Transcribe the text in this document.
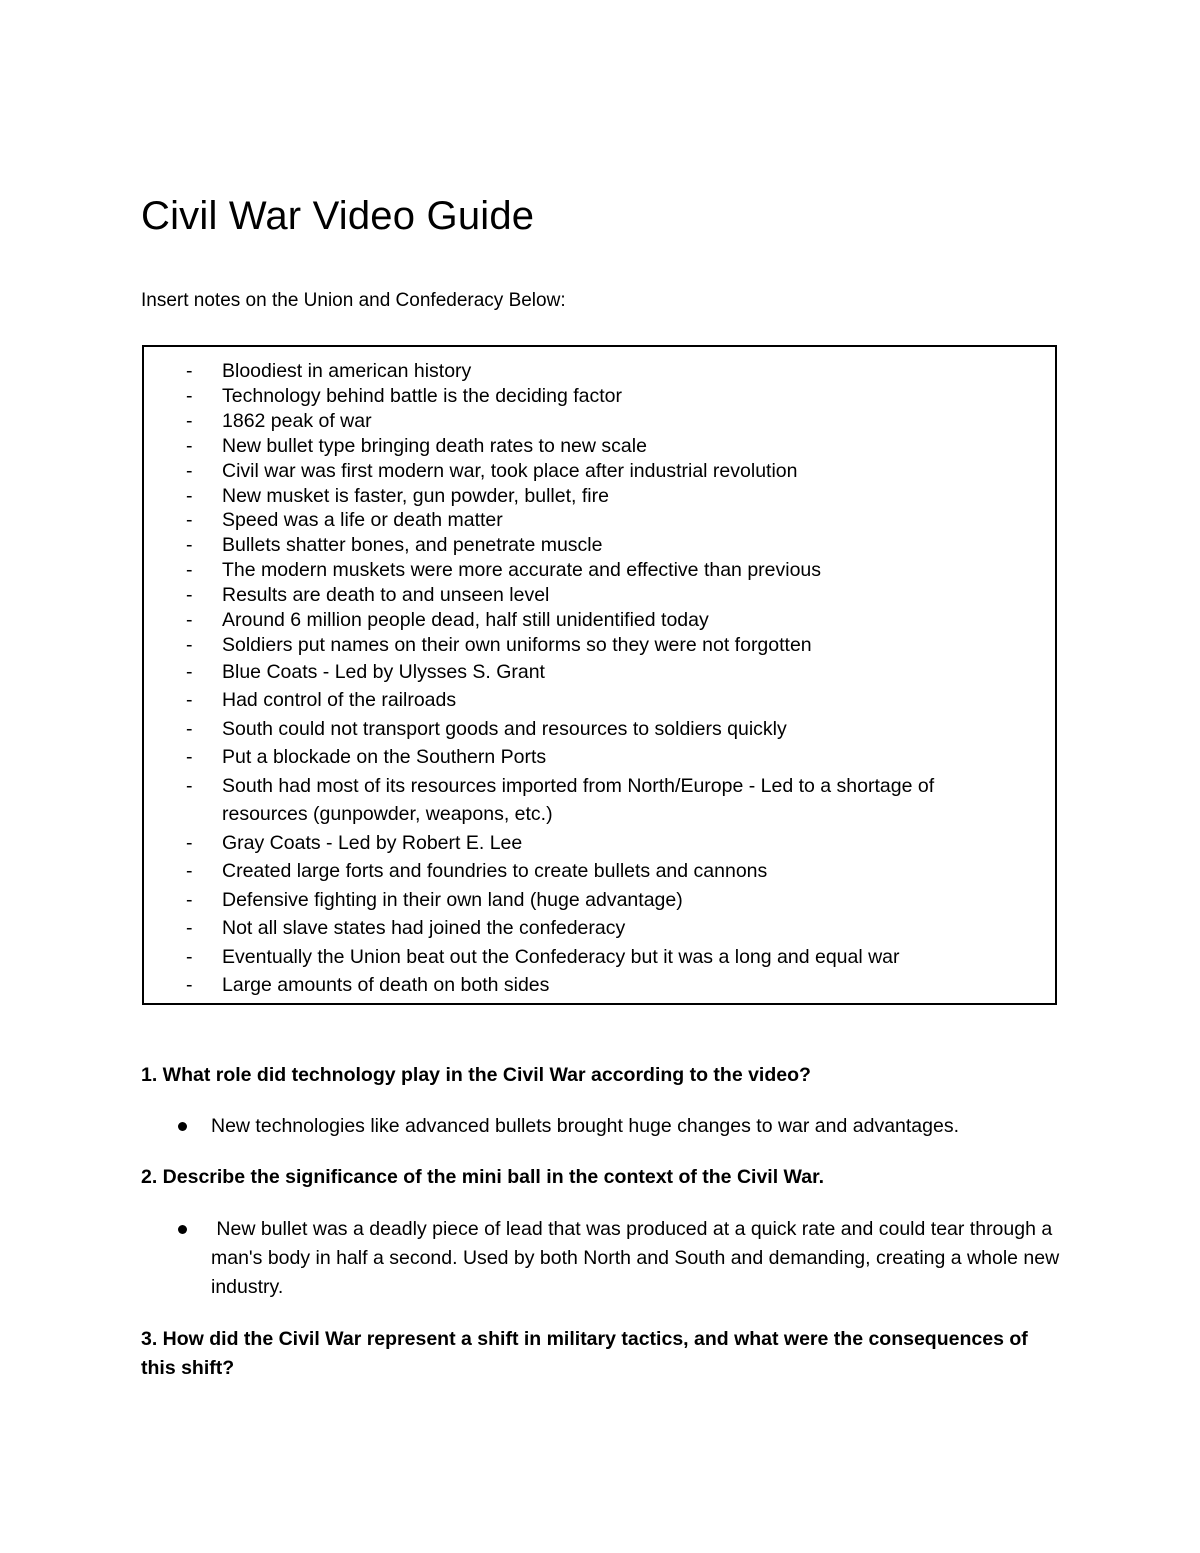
Civil War Video Guide

Insert notes on the Union and Confederacy Below:

- Bloodiest in american history
- Technology behind battle is the deciding factor
- 1862 peak of war
- New bullet type bringing death rates to new scale
- Civil war was first modern war, took place after industrial revolution
- New musket is faster, gun powder, bullet, fire
- Speed was a life or death matter
- Bullets shatter bones, and penetrate muscle
- The modern muskets were more accurate and effective than previous
- Results are death to and unseen level
- Around 6 million people dead, half still unidentified today
- Soldiers put names on their own uniforms so they were not forgotten
- Blue Coats - Led by Ulysses S. Grant
- Had control of the railroads
- South could not transport goods and resources to soldiers quickly
- Put a blockade on the Southern Ports
- South had most of its resources imported from North/Europe - Led to a shortage of resources (gunpowder, weapons, etc.)
- Gray Coats - Led by Robert E. Lee
- Created large forts and foundries to create bullets and cannons
- Defensive fighting in their own land (huge advantage)
- Not all slave states had joined the confederacy
- Eventually the Union beat out the Confederacy but it was a long and equal war
- Large amounts of death on both sides

1. What role did technology play in the Civil War according to the video?

New technologies like advanced bullets brought huge changes to war and advantages.

2. Describe the significance of the mini ball in the context of the Civil War.

New bullet was a deadly piece of lead that was produced at a quick rate and could tear through a man's body in half a second. Used by both North and South and demanding, creating a whole new industry.

3. How did the Civil War represent a shift in military tactics, and what were the consequences of this shift?
